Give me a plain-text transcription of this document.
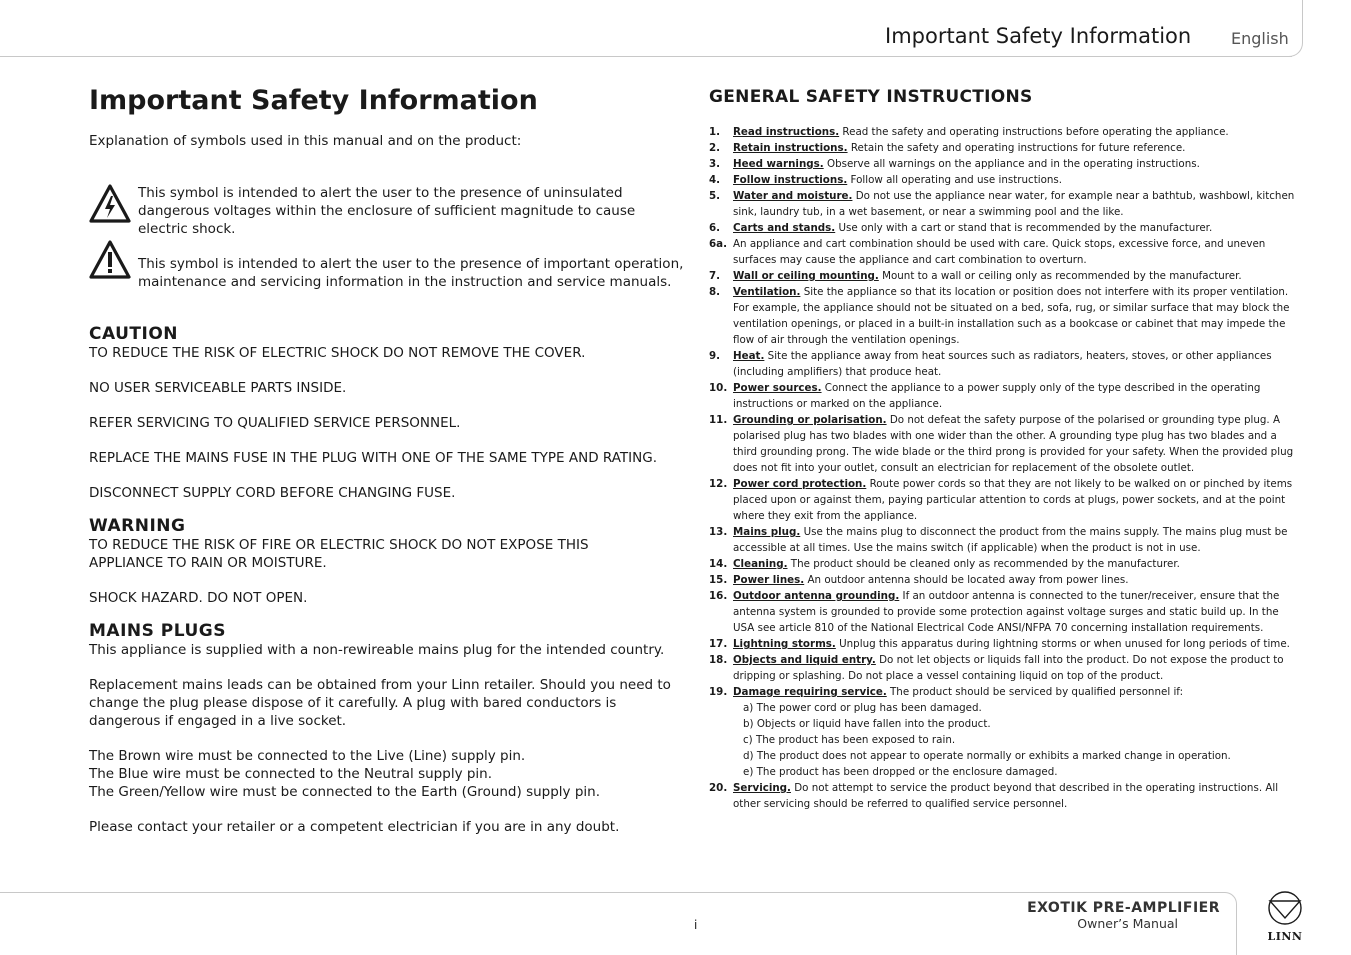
Important Safety Information English
Important Safety Information
Explanation of symbols used in this manual and on the product:
This symbol is intended to alert the user to the presence of uninsulated dangerous voltages within the enclosure of sufficient magnitude to cause electric shock.
This symbol is intended to alert the user to the presence of important operation, maintenance and servicing information in the instruction and service manuals.
CAUTION

TO REDUCE THE RISK OF ELECTRIC SHOCK DO NOT REMOVE THE COVER.

NO USER SERVICEABLE PARTS INSIDE.

REFER SERVICING TO QUALIFIED SERVICE PERSONNEL.

REPLACE THE MAINS FUSE IN THE PLUG WITH ONE OF THE SAME TYPE AND RATING.

DISCONNECT SUPPLY CORD BEFORE CHANGING FUSE.

WARNING

TO REDUCE THE RISK OF FIRE OR ELECTRIC SHOCK DO NOT EXPOSE THIS APPLIANCE TO RAIN OR MOISTURE.

SHOCK HAZARD. DO NOT OPEN.

MAINS PLUGS

This appliance is supplied with a non-rewireable mains plug for the intended country.

Replacement mains leads can be obtained from your Linn retailer. Should you need to change the plug please dispose of it carefully. A plug with bared conductors is dangerous if engaged in a live socket.

The Brown wire must be connected to the Live (Line) supply pin.

The Blue wire must be connected to the Neutral supply pin.

The Green/Yellow wire must be connected to the Earth (Ground) supply pin.

Please contact your retailer or a competent electrician if you are in any doubt.

GENERAL SAFETY INSTRUCTIONS
1. Read instructions. Read the safety and operating instructions before operating the appliance.
2. Retain instructions. Retain the safety and operating instructions for future reference.
3. Heed warnings. Observe all warnings on the appliance and in the operating instructions.
4. Follow instructions. Follow all operating and use instructions.
5. Water and moisture. Do not use the appliance near water, for example near a bathtub, washbowl, kitchen sink, laundry tub, in a wet basement, or near a swimming pool and the like.
6. Carts and stands. Use only with a cart or stand that is recommended by the manufacturer.
6a. An appliance and cart combination should be used with care. Quick stops, excessive force, and uneven surfaces may cause the appliance and cart combination to overturn.
7. Wall or ceiling mounting. Mount to a wall or ceiling only as recommended by the manufacturer.
8. Ventilation. Site the appliance so that its location or position does not interfere with its proper ventilation. For example, the appliance should not be situated on a bed, sofa, rug, or similar surface that may block the ventilation openings, or placed in a built-in installation such as a bookcase or cabinet that may impede the flow of air through the ventilation openings.
9. Heat. Site the appliance away from heat sources such as radiators, heaters, stoves, or other appliances (including amplifiers) that produce heat.
10. Power sources. Connect the appliance to a power supply only of the type described in the operating instructions or marked on the appliance.
11. Grounding or polarisation. Do not defeat the safety purpose of the polarised or grounding type plug. A polarised plug has two blades with one wider than the other. A grounding type plug has two blades and a third grounding prong. The wide blade or the third prong is provided for your safety. When the provided plug does not fit into your outlet, consult an electrician for replacement of the obsolete outlet.
12. Power cord protection. Route power cords so that they are not likely to be walked on or pinched by items placed upon or against them, paying particular attention to cords at plugs, power sockets, and at the point where they exit from the appliance.
13. Mains plug. Use the mains plug to disconnect the product from the mains supply. The mains plug must be accessible at all times. Use the mains switch (if applicable) when the product is not in use.
14. Cleaning. The product should be cleaned only as recommended by the manufacturer.
15. Power lines. An outdoor antenna should be located away from power lines.
16. Outdoor antenna grounding. If an outdoor antenna is connected to the tuner/receiver, ensure that the antenna system is grounded to provide some protection against voltage surges and static build up. In the USA see article 810 of the National Electrical Code ANSI/NFPA 70 concerning installation requirements.
17. Lightning storms. Unplug this apparatus during lightning storms or when unused for long periods of time.
18. Objects and liquid entry. Do not let objects or liquids fall into the product. Do not expose the product to dripping or splashing. Do not place a vessel containing liquid on top of the product.
19. Damage requiring service. The product should be serviced by qualified personnel if:
a) The power cord or plug has been damaged.
b) Objects or liquid have fallen into the product.
c) The product has been exposed to rain.
d) The product does not appear to operate normally or exhibits a marked change in operation.
e) The product has been dropped or the enclosure damaged.
20. Servicing. Do not attempt to service the product beyond that described in the operating instructions. All other servicing should be referred to qualified service personnel.
i
EXOTIK PRE-AMPLIFIER
Owner’s Manual
LINN
